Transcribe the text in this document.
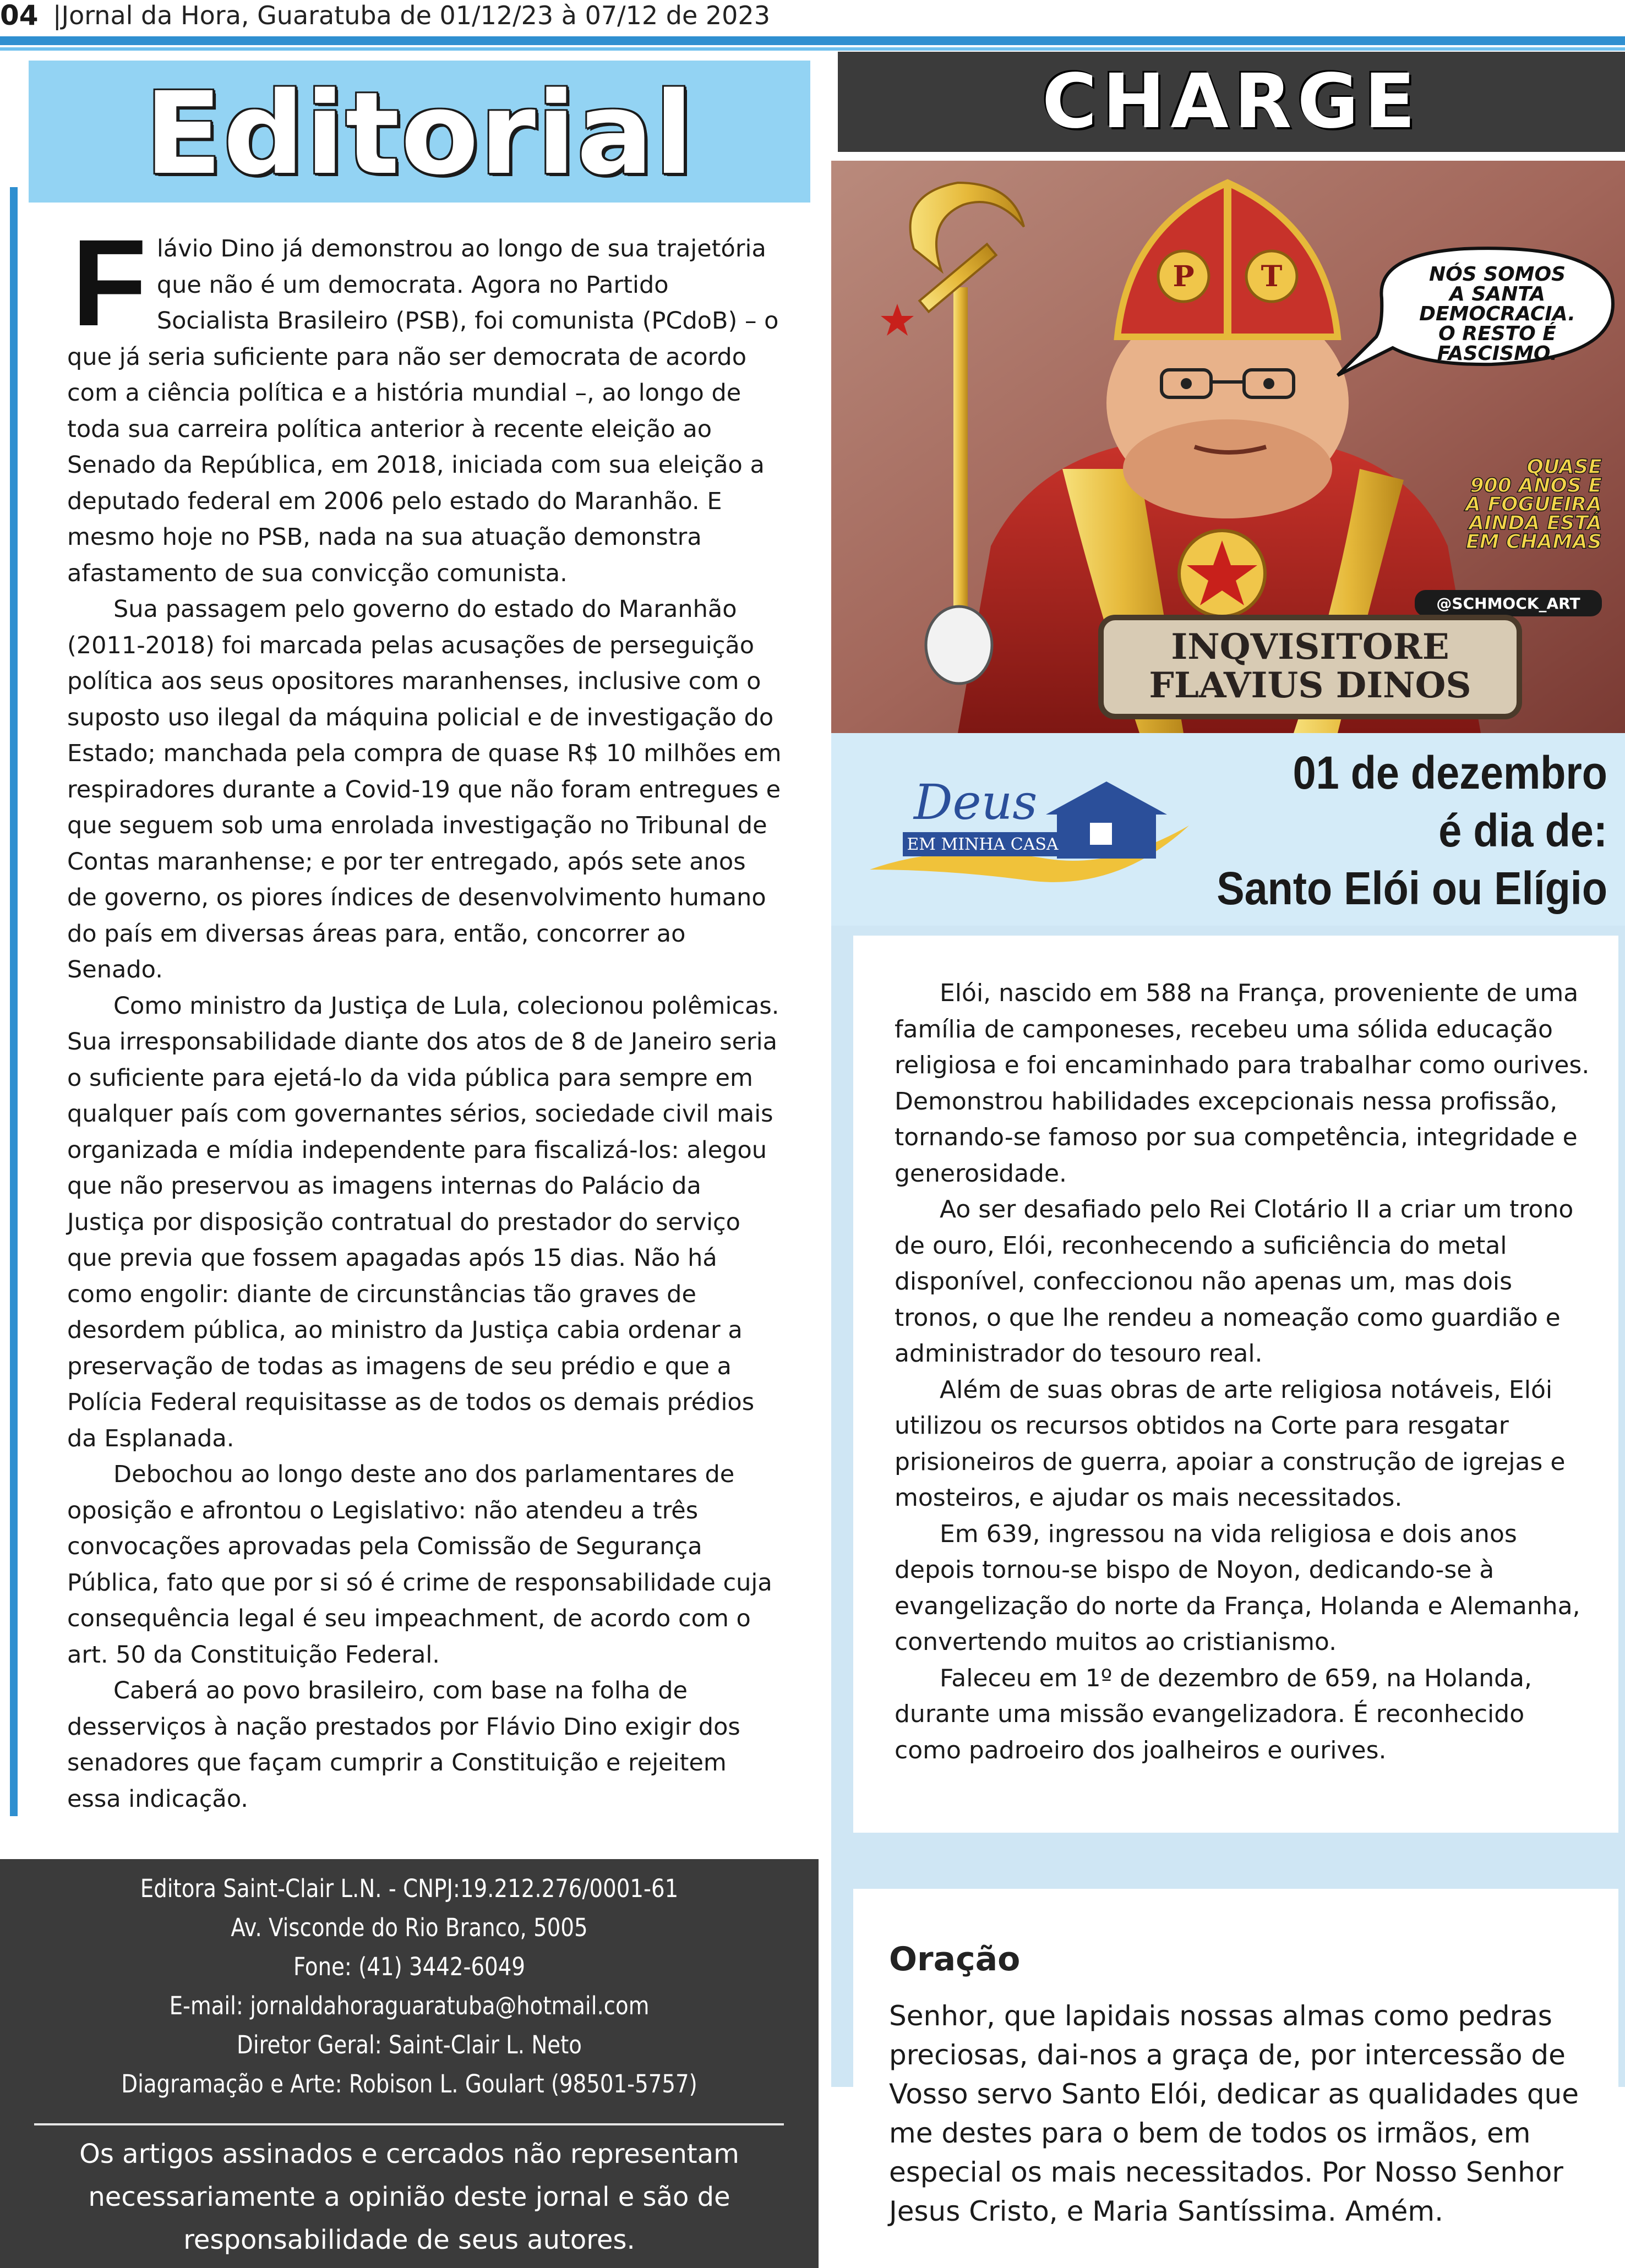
04 |Jornal da Hora, Guaratuba de 01/12/23 à 07/12 de 2023
Editorial

Flávio Dino já demonstrou ao longo de sua trajetória que não é um democrata. Agora no Partido Socialista Brasileiro (PSB), foi comunista (PCdoB) – o que já seria suficiente para não ser democrata de acordo com a ciência política e a história mundial –, ao longo de toda sua carreira política anterior à recente eleição ao Senado da República, em 2018, iniciada com sua eleição a deputado federal em 2006 pelo estado do Maranhão. E mesmo hoje no PSB, nada na sua atuação demonstra afastamento de sua convicção comunista.

Sua passagem pelo governo do estado do Maranhão (2011-2018) foi marcada pelas acusações de perseguição política aos seus opositores maranhenses, inclusive com o suposto uso ilegal da máquina policial e de investigação do Estado; manchada pela compra de quase R$ 10 milhões em respiradores durante a Covid-19 que não foram entregues e que seguem sob uma enrolada investigação no Tribunal de Contas maranhense; e por ter entregado, após sete anos de governo, os piores índices de desenvolvimento humano do país em diversas áreas para, então, concorrer ao Senado.

Como ministro da Justiça de Lula, colecionou polêmicas. Sua irresponsabilidade diante dos atos de 8 de Janeiro seria o suficiente para ejetá-lo da vida pública para sempre em qualquer país com governantes sérios, sociedade civil mais organizada e mídia independente para fiscalizá-los: alegou que não preservou as imagens internas do Palácio da Justiça por disposição contratual do prestador do serviço que previa que fossem apagadas após 15 dias. Não há como engolir: diante de circunstâncias tão graves de desordem pública, ao ministro da Justiça cabia ordenar a preservação de todas as imagens de seu prédio e que a Polícia Federal requisitasse as de todos os demais prédios da Esplanada.

Debochou ao longo deste ano dos parlamentares de oposição e afrontou o Legislativo: não atendeu a três convocações aprovadas pela Comissão de Segurança Pública, fato que por si só é crime de responsabilidade cuja consequência legal é seu impeachment, de acordo com o art. 50 da Constituição Federal.

Caberá ao povo brasileiro, com base na folha de desserviços à nação prestados por Flávio Dino exigir dos senadores que façam cumprir a Constituição e rejeitem essa indicação.

Editora Saint-Clair L.N. - CNPJ:19.212.276/0001-61
Av. Visconde do Rio Branco, 5005
Fone: (41) 3442-6049
E-mail: jornaldahoraguaratuba@hotmail.com
Diretor Geral: Saint-Clair L. Neto
Diagramação e Arte: Robison L. Goulart (98501-5757)
Os artigos assinados e cercados não representam necessariamente a opinião deste jornal e são de responsabilidade de seus autores.
CHARGE
P T	NÓS SOMOS
A SANTA
DEMOCRACIA.
O RESTO É
FASCISMO.
QUASE
900 ANOS E
A FOGUEIRA
AINDA ESTÁ
EM CHAMAS
@SCHMOCK_ART
INQVISITORE
FLAVIUS DINOS
Deus
EM MINHA CASA
01 de dezembro
é dia de:
Santo Elói ou Elígio

Elói, nascido em 588 na França, proveniente de uma família de camponeses, recebeu uma sólida educação religiosa e foi encaminhado para trabalhar como ourives. Demonstrou habilidades excepcionais nessa profissão, tornando-se famoso por sua competência, integridade e generosidade.

Ao ser desafiado pelo Rei Clotário II a criar um trono de ouro, Elói, reconhecendo a suficiência do metal disponível, confeccionou não apenas um, mas dois tronos, o que lhe rendeu a nomeação como guardião e administrador do tesouro real.

Além de suas obras de arte religiosa notáveis, Elói utilizou os recursos obtidos na Corte para resgatar prisioneiros de guerra, apoiar a construção de igrejas e mosteiros, e ajudar os mais necessitados.

Em 639, ingressou na vida religiosa e dois anos depois tornou-se bispo de Noyon, dedicando-se à evangelização do norte da França, Holanda e Alemanha, convertendo muitos ao cristianismo.

Faleceu em 1º de dezembro de 659, na Holanda, durante uma missão evangelizadora. É reconhecido como padroeiro dos joalheiros e ourives.

Oração
Senhor, que lapidais nossas almas como pedras preciosas, dai-nos a graça de, por intercessão de Vosso servo Santo Elói, dedicar as qualidades que me destes para o bem de todos os irmãos, em especial os mais necessitados. Por Nosso Senhor Jesus Cristo, e Maria Santíssima. Amém.
